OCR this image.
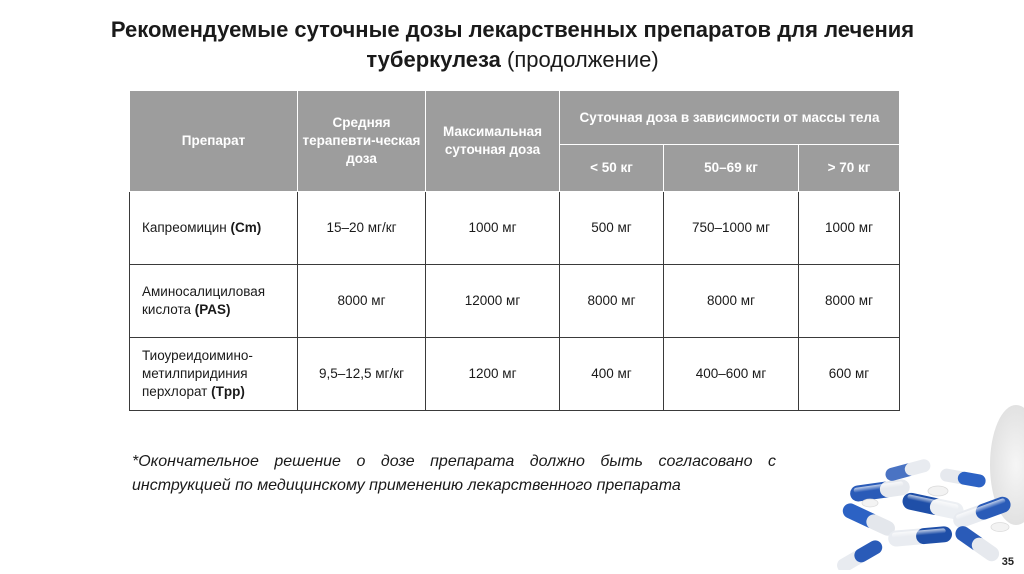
Рекомендуемые суточные дозы лекарственных препаратов для лечения туберкулеза (продолжение)
Препарат	Средняя терапевти-ческая доза	Максимальная суточная доза	Суточная доза в зависимости от массы тела		
			< 50 кг	50–69 кг	> 70 кг
Капреомицин (Cm)	15–20 мг/кг	1000 мг	500 мг	750–1000 мг	1000 мг
Аминосалициловая кислота (PAS)	8000 мг	12000 мг	8000 мг	8000 мг	8000 мг
Тиоуреидоимино-метилпиридиния перхлорат (Tpp)	9,5–12,5 мг/кг	1200 мг	400 мг	400–600 мг	600 мг
*Окончательное решение о дозе препарата должно быть согласовано с инструкцией по медицинскому применению лекарственного препарата
35
